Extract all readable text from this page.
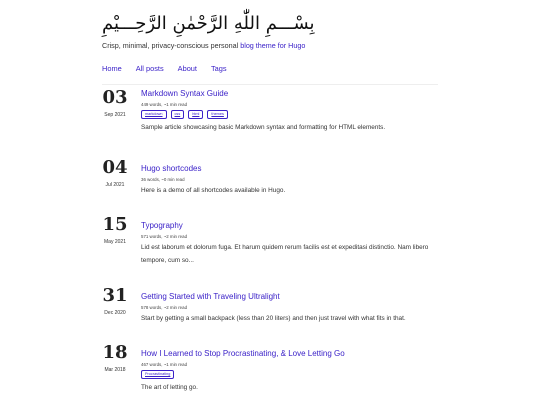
بِسْـــمِ اللّٰهِ الرَّحْمٰنِ الرَّحِـــيْمِ
Crisp, minimal, privacy-conscious personal blog theme for Hugo
Home All posts About Tags
03
Sep 2021
Markdown Syntax Guide
449 words, ~1 min read
markdown	css	html	themes
Sample article showcasing basic Markdown syntax and formatting for HTML elements.
04
Jul 2021
Hugo shortcodes
36 words, ~0 min read
Here is a demo of all shortcodes available in Hugo.
15
May 2021
Typography
571 words, ~2 min read
Lid est laborum et dolorum fuga. Et harum quidem rerum facilis est et expeditasi distinctio. Nam libero tempore, cum so...
31
Dec 2020
Getting Started with Traveling Ultralight
578 words, ~2 min read
Start by getting a small backpack (less than 20 liters) and then just travel with what fits in that.
18
Mar 2018
How I Learned to Stop Procrastinating, & Love Letting Go
467 words, ~1 min read
Procrastinating
The art of letting go.
